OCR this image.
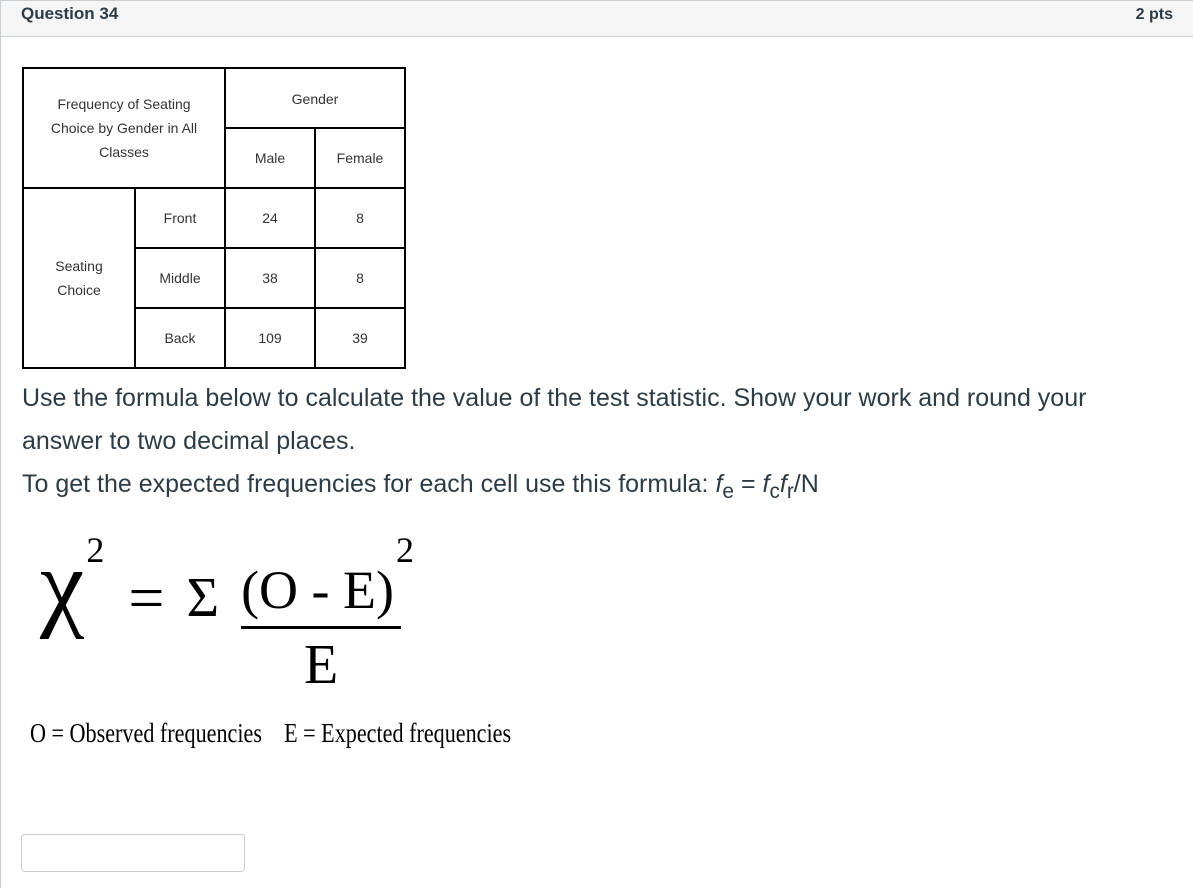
Question 34	2 pts
Frequency of Seating Choice by Gender in All Classes		Gender	
		Male	Female
Seating Choice	Front	24	8
	Middle	38	8
	Back	109	39

Use the formula below to calculate the value of the test statistic. Show your work and round your answer to two decimal places.

To get the expected frequencies for each cell use this formula: $f_e = f_cf_r/N$

χ 2
= Σ (O - E)
2
E
O = Observed frequencies    E = Expected frequencies
